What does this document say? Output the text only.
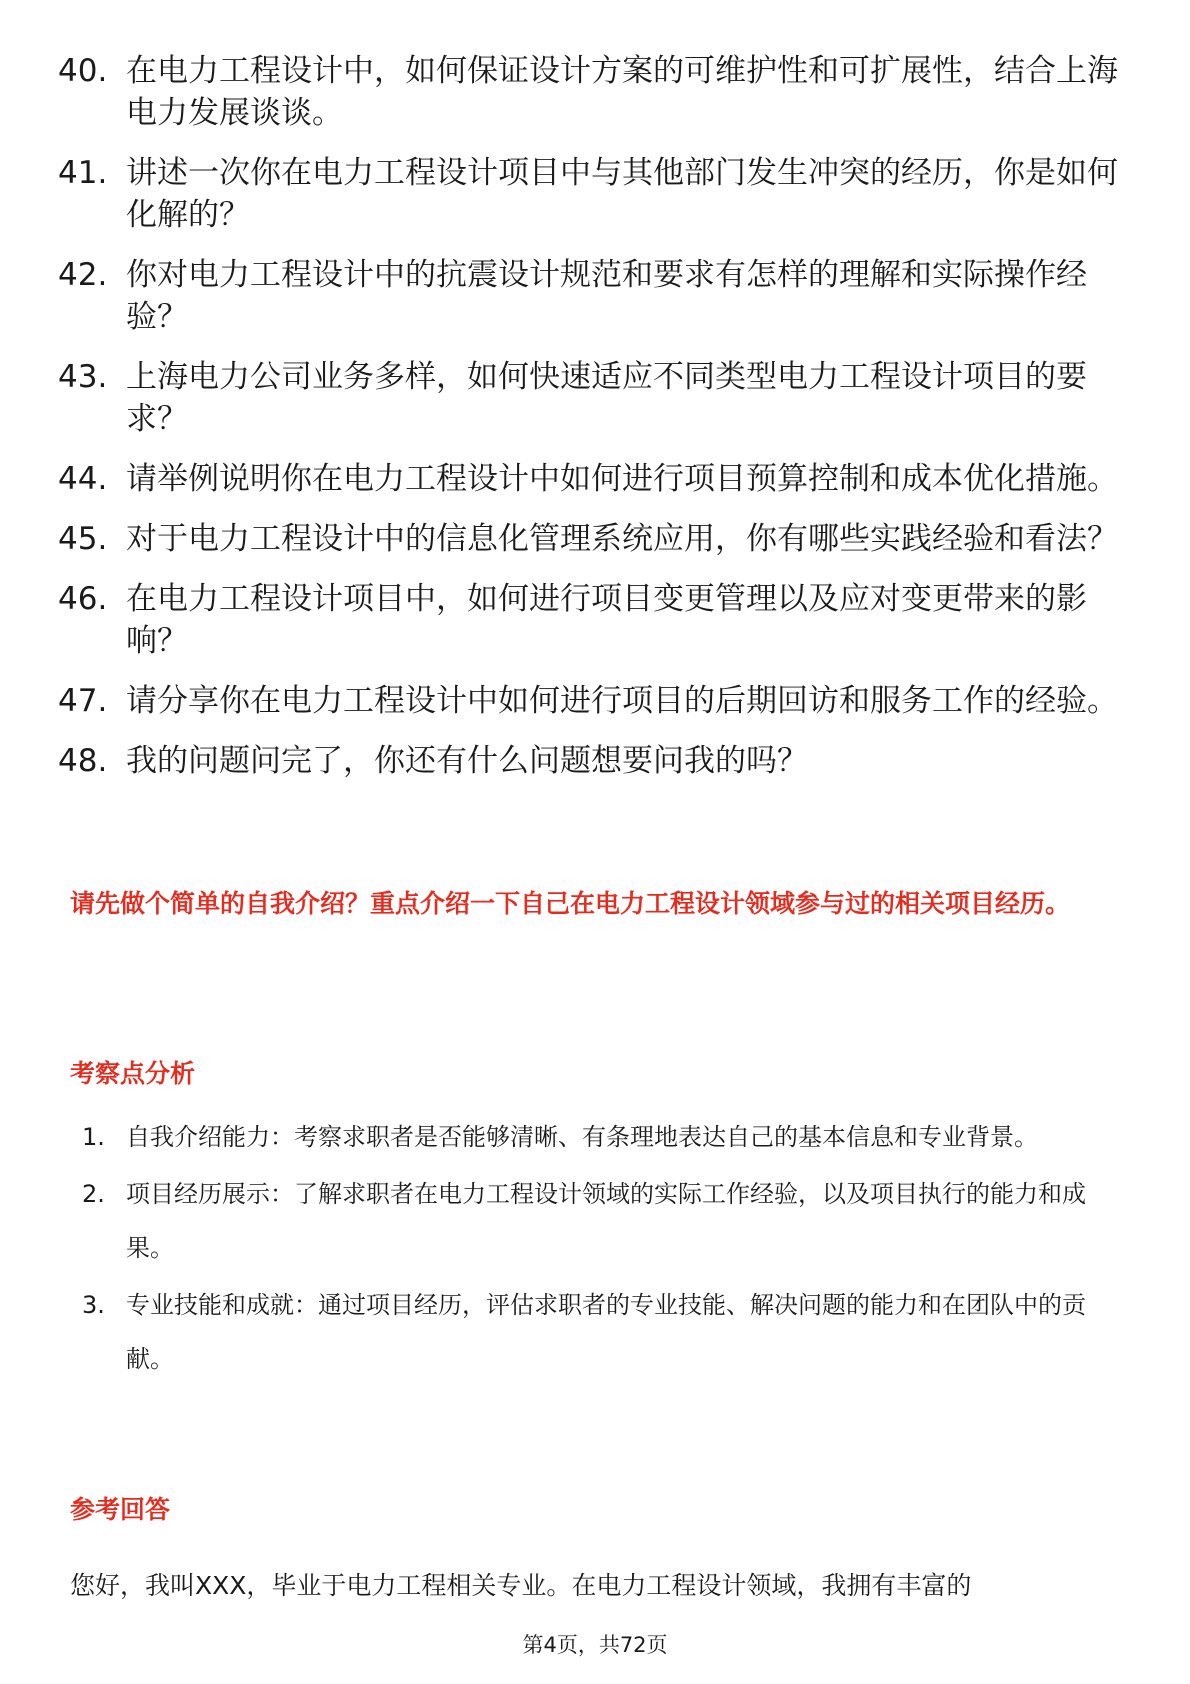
40. 在电力工程设计中，如何保证设计方案的可维护性和可扩展性，结合上海电力发展谈谈。
41. 讲述一次你在电力工程设计项目中与其他部门发生冲突的经历，你是如何化解的？
42. 你对电力工程设计中的抗震设计规范和要求有怎样的理解和实际操作经验？
43. 上海电力公司业务多样，如何快速适应不同类型电力工程设计项目的要求？
44. 请举例说明你在电力工程设计中如何进行项目预算控制和成本优化措施。
45. 对于电力工程设计中的信息化管理系统应用，你有哪些实践经验和看法？
46. 在电力工程设计项目中，如何进行项目变更管理以及应对变更带来的影响？
47. 请分享你在电力工程设计中如何进行项目的后期回访和服务工作的经验。
48. 我的问题问完了，你还有什么问题想要问我的吗？
请先做个简单的自我介绍？重点介绍一下自己在电力工程设计领域参与过的相关项目经历。
考察点分析
1. 自我介绍能力：考察求职者是否能够清晰、有条理地表达自己的基本信息和专业背景。
2. 项目经历展示：了解求职者在电力工程设计领域的实际工作经验，以及项目执行的能力和成果。
3. 专业技能和成就：通过项目经历，评估求职者的专业技能、解决问题的能力和在团队中的贡献。
参考回答
您好，我叫XXX，毕业于电力工程相关专业。在电力工程设计领域，我拥有丰富的
第4页，共72页
